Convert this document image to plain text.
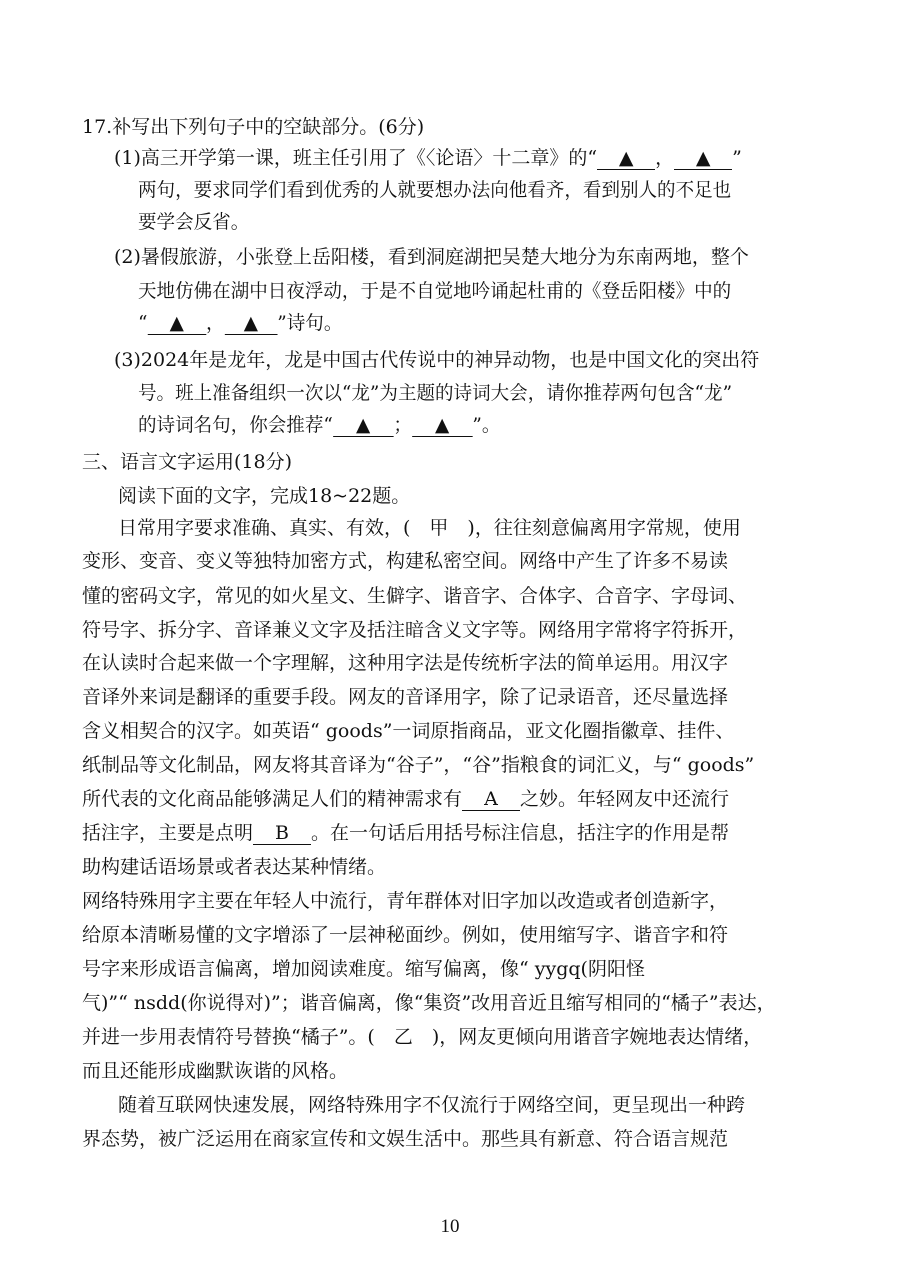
17.补写出下列句子中的空缺部分。(6分)
(1)高三开学第一课，班主任引用了《〈论语〉十二章》的“ ▲ ， ▲ ”
两句，要求同学们看到优秀的人就要想办法向他看齐，看到别人的不足也
要学会反省。
(2)暑假旅游，小张登上岳阳楼，看到洞庭湖把吴楚大地分为东南两地，整个
天地仿佛在湖中日夜浮动，于是不自觉地吟诵起杜甫的《登岳阳楼》中的
“ ▲ ， ▲ ”诗句。
(3)2024年是龙年，龙是中国古代传说中的神异动物，也是中国文化的突出符
号。班上准备组织一次以“龙”为主题的诗词大会，请你推荐两句包含“龙”
的诗词名句，你会推荐“ ▲ ； ▲ ”。
三、语言文字运用(18分)
阅读下面的文字，完成18~22题。
日常用字要求准确、真实、有效，(　甲　)，往往刻意偏离用字常规，使用
变形、变音、变义等独特加密方式，构建私密空间。网络中产生了许多不易读
懂的密码文字，常见的如火星文、生僻字、谐音字、合体字、合音字、字母词、
符号字、拆分字、音译兼义文字及括注暗含义文字等。网络用字常将字符拆开，
在认读时合起来做一个字理解，这种用字法是传统析字法的简单运用。用汉字
音译外来词是翻译的重要手段。网友的音译用字，除了记录语音，还尽量选择
含义相契合的汉字。如英语“ goods”一词原指商品，亚文化圈指徽章、挂件、
纸制品等文化制品，网友将其音译为“谷子”，“谷”指粮食的词汇义，与“ goods”
所代表的文化商品能够满足人们的精神需求有 A 之妙。年轻网友中还流行
括注字，主要是点明 B 。在一句话后用括号标注信息，括注字的作用是帮
助构建话语场景或者表达某种情绪。
网络特殊用字主要在年轻人中流行，青年群体对旧字加以改造或者创造新字，
给原本清晰易懂的文字增添了一层神秘面纱。例如，使用缩写字、谐音字和符
号字来形成语言偏离，增加阅读难度。缩写偏离，像“ yygq(阴阳怪
气)”“ nsdd(你说得对)”；谐音偏离，像“集资”改用音近且缩写相同的“橘子”表达，
并进一步用表情符号替换“橘子”。(　乙　)，网友更倾向用谐音字婉地表达情绪，
而且还能形成幽默诙谐的风格。
随着互联网快速发展，网络特殊用字不仅流行于网络空间，更呈现出一种跨
界态势，被广泛运用在商家宣传和文娱生活中。那些具有新意、符合语言规范
10
